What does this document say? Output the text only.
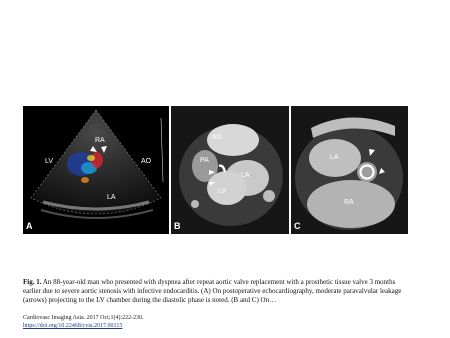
RA
LV	AO
LA
A
AO
PA
LA
LV
B
LA
RA
C
Fig. 1. An 88-year-old man who presented with dyspnea after repeat aortic valve replacement with a prosthetic tissue valve 3 months earlier due to severe aortic stenosis with infective endocarditis. (A) On postoperative echocardiography, moderate paravalvular leakage (arrows) projecting to the LV chamber during the diastolic phase is noted. (B and C) On…
Cardiovasc Imaging Asia. 2017 Oct;1(4):222-230.
https://doi.org/10.22468/cvia.2017.00115
